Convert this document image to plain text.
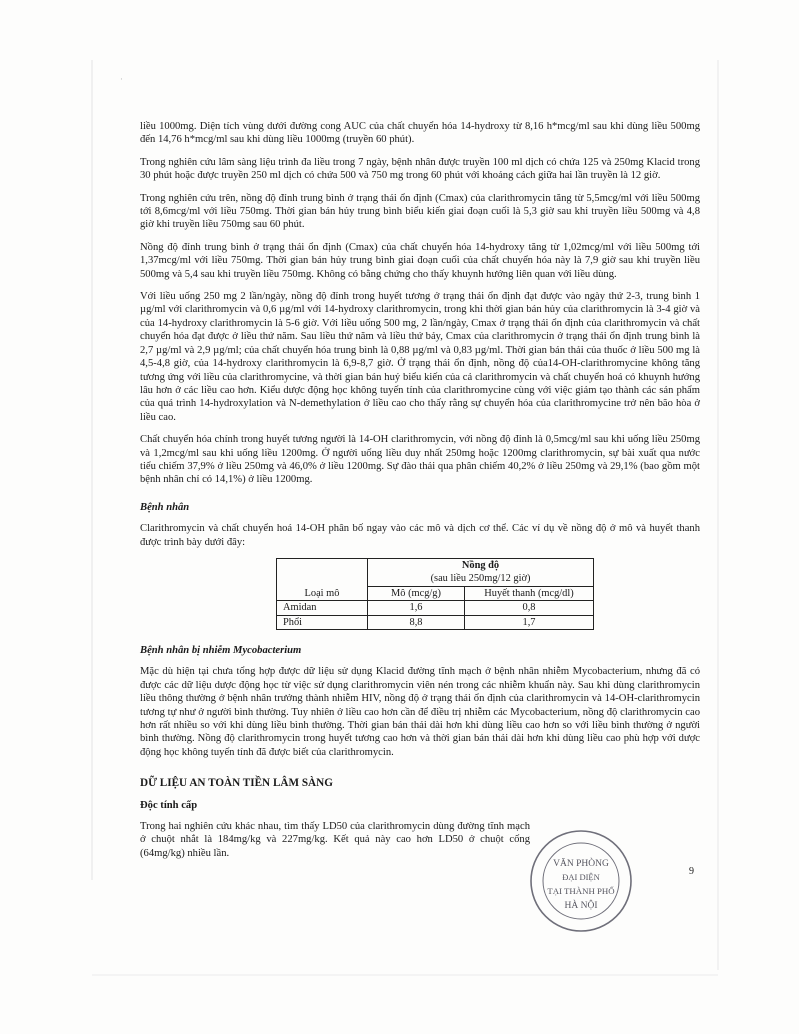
·

liều 1000mg. Diện tích vùng dưới đường cong AUC của chất chuyển hóa 14-hydroxy từ 8,16 h*mcg/ml sau khi dùng liều 500mg đến 14,76 h*mcg/ml sau khi dùng liều 1000mg (truyền 60 phút).

Trong nghiên cứu lâm sàng liệu trình đa liều trong 7 ngày, bệnh nhân được truyền 100 ml dịch có chứa 125 và 250mg Klacid trong 30 phút hoặc được truyền 250 ml dịch có chứa 500 và 750 mg trong 60 phút với khoảng cách giữa hai lần truyền là 12 giờ.

Trong nghiên cứu trên, nồng độ đỉnh trung bình ở trạng thái ổn định (Cmax) của clarithromycin tăng từ 5,5mcg/ml với liều 500mg tới 8,6mcg/ml với liều 750mg. Thời gian bán hủy trung bình biểu kiến giai đoạn cuối là 5,3 giờ sau khi truyền liều 500mg và 4,8 giờ khi truyền liều 750mg sau 60 phút.

Nồng độ đỉnh trung bình ở trạng thái ổn định (Cmax) của chất chuyển hóa 14-hydroxy tăng từ 1,02mcg/ml với liều 500mg tới 1,37mcg/ml với liều 750mg. Thời gian bán hủy trung bình giai đoạn cuối của chất chuyển hóa này là 7,9 giờ sau khi truyền liều 500mg và 5,4 sau khi truyền liều 750mg. Không có bằng chứng cho thấy khuynh hướng liên quan với liều dùng.

Với liều uống 250 mg 2 lần/ngày, nồng độ đỉnh trong huyết tương ở trạng thái ổn định đạt được vào ngày thứ 2-3, trung bình 1 µg/ml với clarithromycin và 0,6 µg/ml với 14-hydroxy clarithromycin, trong khi thời gian bán hủy của clarithromycin là 3-4 giờ và của 14-hydroxy clarithromycin là 5-6 giờ. Với liều uống 500 mg, 2 lần/ngày, Cmax ở trạng thái ổn định của clarithromycin và chất chuyển hóa đạt được ở liều thứ năm. Sau liều thứ năm và liều thứ bảy, Cmax của clarithromycin ở trạng thái ổn định trung bình là 2,7 µg/ml và 2,9 µg/ml; của chất chuyển hóa trung bình là 0,88 µg/ml và 0,83 µg/ml. Thời gian bán thải của thuốc ở liều 500 mg là 4,5-4,8 giờ, của 14-hydroxy clarithromycin là 6,9-8,7 giờ. Ở trạng thái ổn định, nồng độ của14-OH-clarithromycine không tăng tương ứng với liều của clarithromycine, và thời gian bán huỷ biểu kiến của cả clarithromycin và chất chuyển hoá có khuynh hướng lâu hơn ở các liều cao hơn. Kiểu dược động học không tuyến tính của clarithromycine cùng với việc giảm tạo thành các sản phẩm của quá trình 14-hydroxylation và N-demethylation ở liều cao cho thấy rằng sự chuyển hóa của clarithromycine trở nên bão hòa ở liều cao.

Chất chuyển hóa chính trong huyết tương người là 14-OH clarithromycin, với nồng độ đỉnh là 0,5mcg/ml sau khi uống liều 250mg và 1,2mcg/ml sau khi uống liều 1200mg. Ở người uống liều duy nhất 250mg hoặc 1200mg clarithromycin, sự bài xuất qua nước tiểu chiếm 37,9% ở liều 250mg và 46,0% ở liều 1200mg. Sự đào thải qua phân chiếm 40,2% ở liều 250mg và 29,1% (bao gồm một bệnh nhân chỉ có 14,1%) ở liều 1200mg.

Bệnh nhân

Clarithromycin và chất chuyển hoá 14-OH phân bố ngay vào các mô và dịch cơ thể. Các ví dụ về nồng độ ở mô và huyết thanh được trình bày dưới đây:

	Nồng độ
(sau liều 250mg/12 giờ)	
Loại mô	Mô (mcg/g)	Huyết thanh (mcg/dl)
Amidan	1,6	0,8
Phổi	8,8	1,7
Bệnh nhân bị nhiễm Mycobacterium

Mặc dù hiện tại chưa tổng hợp được dữ liệu sử dụng Klacid đường tĩnh mạch ở bệnh nhân nhiễm Mycobacterium, nhưng đã có được các dữ liệu dược động học từ việc sử dụng clarithromycin viên nén trong các nhiễm khuẩn này. Sau khi dùng clarithromycin liều thông thường ở bệnh nhân trưởng thành nhiễm HIV, nồng độ ở trạng thái ổn định của clarithromycin và 14-OH-clarithromycin tương tự như ở người bình thường. Tuy nhiên ở liều cao hơn cần để điều trị nhiễm các Mycobacterium, nồng độ clarithromycin cao hơn rất nhiều so với khi dùng liều bình thường. Thời gian bán thải dài hơn khi dùng liều cao hơn so với liều bình thường ở người bình thường. Nồng độ clarithromycin trong huyết tương cao hơn và thời gian bán thải dài hơn khi dùng liều cao phù hợp với dược động học không tuyến tính đã được biết của clarithromycin.

DỮ LIỆU AN TOÀN TIỀN LÂM SÀNG
Độc tính cấp

Trong hai nghiên cứu khác nhau, tìm thấy LD50 của clarithromycin dùng đường tĩnh mạch ở chuột nhắt là 184mg/kg và 227mg/kg. Kết quả này cao hơn LD50 ở chuột cống (64mg/kg) nhiều lần.

VĂN PHÒNG
ĐẠI DIỆN
TẠI THÀNH PHỐ
HÀ NỘI
9
